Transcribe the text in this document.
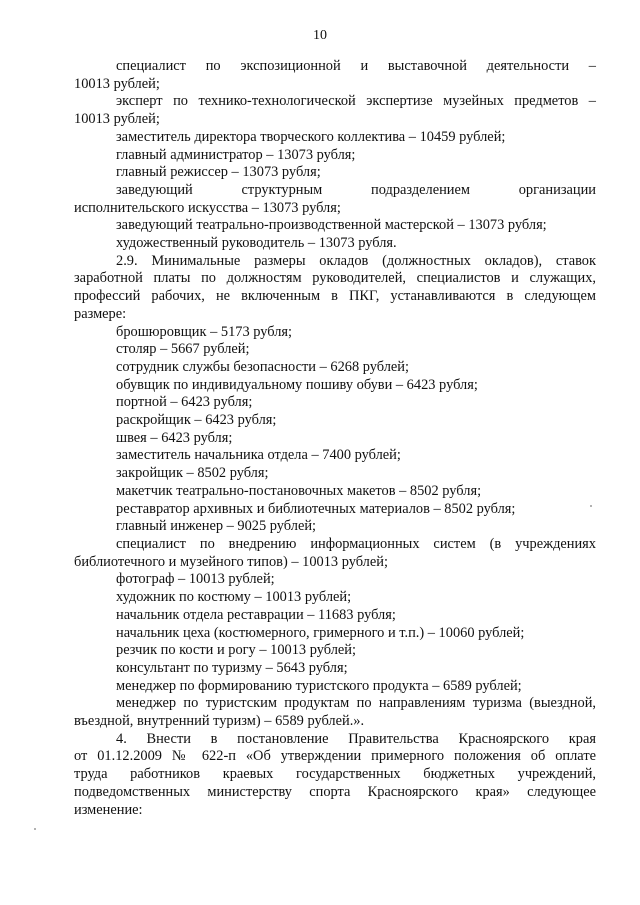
10

специалист по экспозиционной и выставочной деятельности –

10013 рублей;

эксперт по технико-технологической экспертизе музейных предметов –

10013 рублей;

заместитель директора творческого коллектива – 10459 рублей;

главный администратор – 13073 рубля;

главный режиссер – 13073 рубля;

заведующий структурным подразделением организации

исполнительского искусства – 13073 рубля;

заведующий театрально-производственной мастерской – 13073 рубля;

художественный руководитель – 13073 рубля.

2.9. Минимальные размеры окладов (должностных окладов), ставок

заработной платы по должностям руководителей, специалистов и служащих,

профессий рабочих, не включенным в ПКГ, устанавливаются в следующем

размере:

брошюровщик – 5173 рубля;

столяр – 5667 рублей;

сотрудник службы безопасности – 6268 рублей;

обувщик по индивидуальному пошиву обуви – 6423 рубля;

портной – 6423 рубля;

раскройщик – 6423 рубля;

швея – 6423 рубля;

заместитель начальника отдела – 7400 рублей;

закройщик – 8502 рубля;

макетчик театрально-постановочных макетов – 8502 рубля;

реставратор архивных и библиотечных материалов – 8502 рубля;

главный инженер – 9025 рублей;

специалист по внедрению информационных систем (в учреждениях

библиотечного и музейного типов) – 10013 рублей;

фотограф – 10013 рублей;

художник по костюму – 10013 рублей;

начальник отдела реставрации – 11683 рубля;

начальник цеха (костюмерного, гримерного и т.п.) – 10060 рублей;

резчик по кости и рогу – 10013 рублей;

консультант по туризму – 5643 рубля;

менеджер по формированию туристского продукта – 6589 рублей;

менеджер по туристским продуктам по направлениям туризма (выездной,

въездной, внутренний туризм) – 6589 рублей.».

4. Внести в постановление Правительства Красноярского края

от 01.12.2009 № 622-п «Об утверждении примерного положения об оплате

труда работников краевых государственных бюджетных учреждений,

подведомственных министерству спорта Красноярского края» следующее

изменение:
